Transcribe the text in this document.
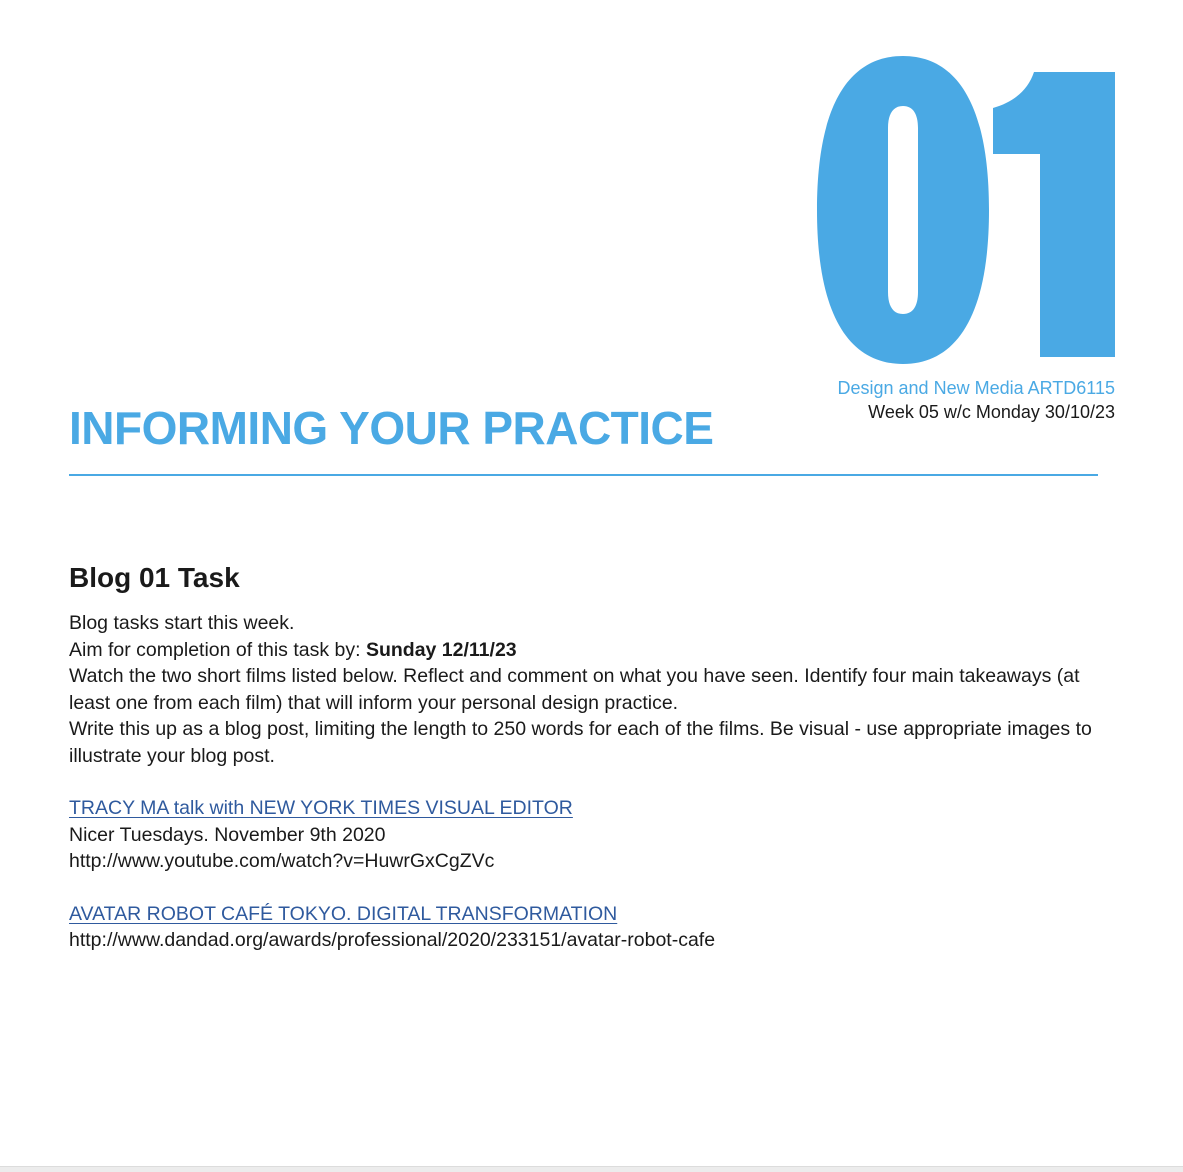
Design and New Media ARTD6115
Week 05 w/c Monday 30/10/23
INFORMING YOUR PRACTICE
Blog 01 Task

Blog tasks start this week.

Aim for completion of this task by: Sunday 12/11/23

Watch the two short films listed below. Reflect and comment on what you have seen. Identify four main takeaways (at least one from each film) that will inform your personal design practice.

Write this up as a blog post, limiting the length to 250 words for each of the films. Be visual - use appropriate images to illustrate your blog post.

TRACY MA talk with NEW YORK TIMES VISUAL EDITOR

Nicer Tuesdays. November 9th 2020

http://www.youtube.com/watch?v=HuwrGxCgZVc

AVATAR ROBOT CAFÉ TOKYO. DIGITAL TRANSFORMATION

http://www.dandad.org/awards/professional/2020/233151/avatar-robot-cafe
